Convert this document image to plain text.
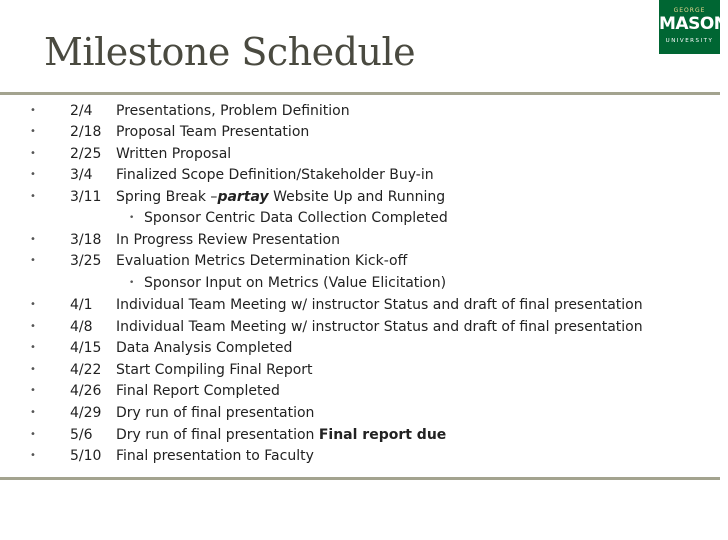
Milestone Schedule
GEORGE
MASON
UNIVERSITY
• 2/4 Presentations, Problem Definition
• 2/18 Proposal Team Presentation
• 2/25 Written Proposal
• 3/4 Finalized Scope Definition/Stakeholder Buy-in
• 3/11 Spring Break –partay Website Up and Running
• Sponsor Centric Data Collection Completed
• 3/18 In Progress Review Presentation
• 3/25 Evaluation Metrics Determination Kick-off
• Sponsor Input on Metrics (Value Elicitation)
• 4/1 Individual Team Meeting w/ instructor Status and draft of final presentation
• 4/8 Individual Team Meeting w/ instructor Status and draft of final presentation
• 4/15 Data Analysis Completed
• 4/22 Start Compiling Final Report
• 4/26 Final Report Completed
• 4/29 Dry run of final presentation
• 5/6 Dry run of final presentation Final report due
• 5/10 Final presentation to Faculty
